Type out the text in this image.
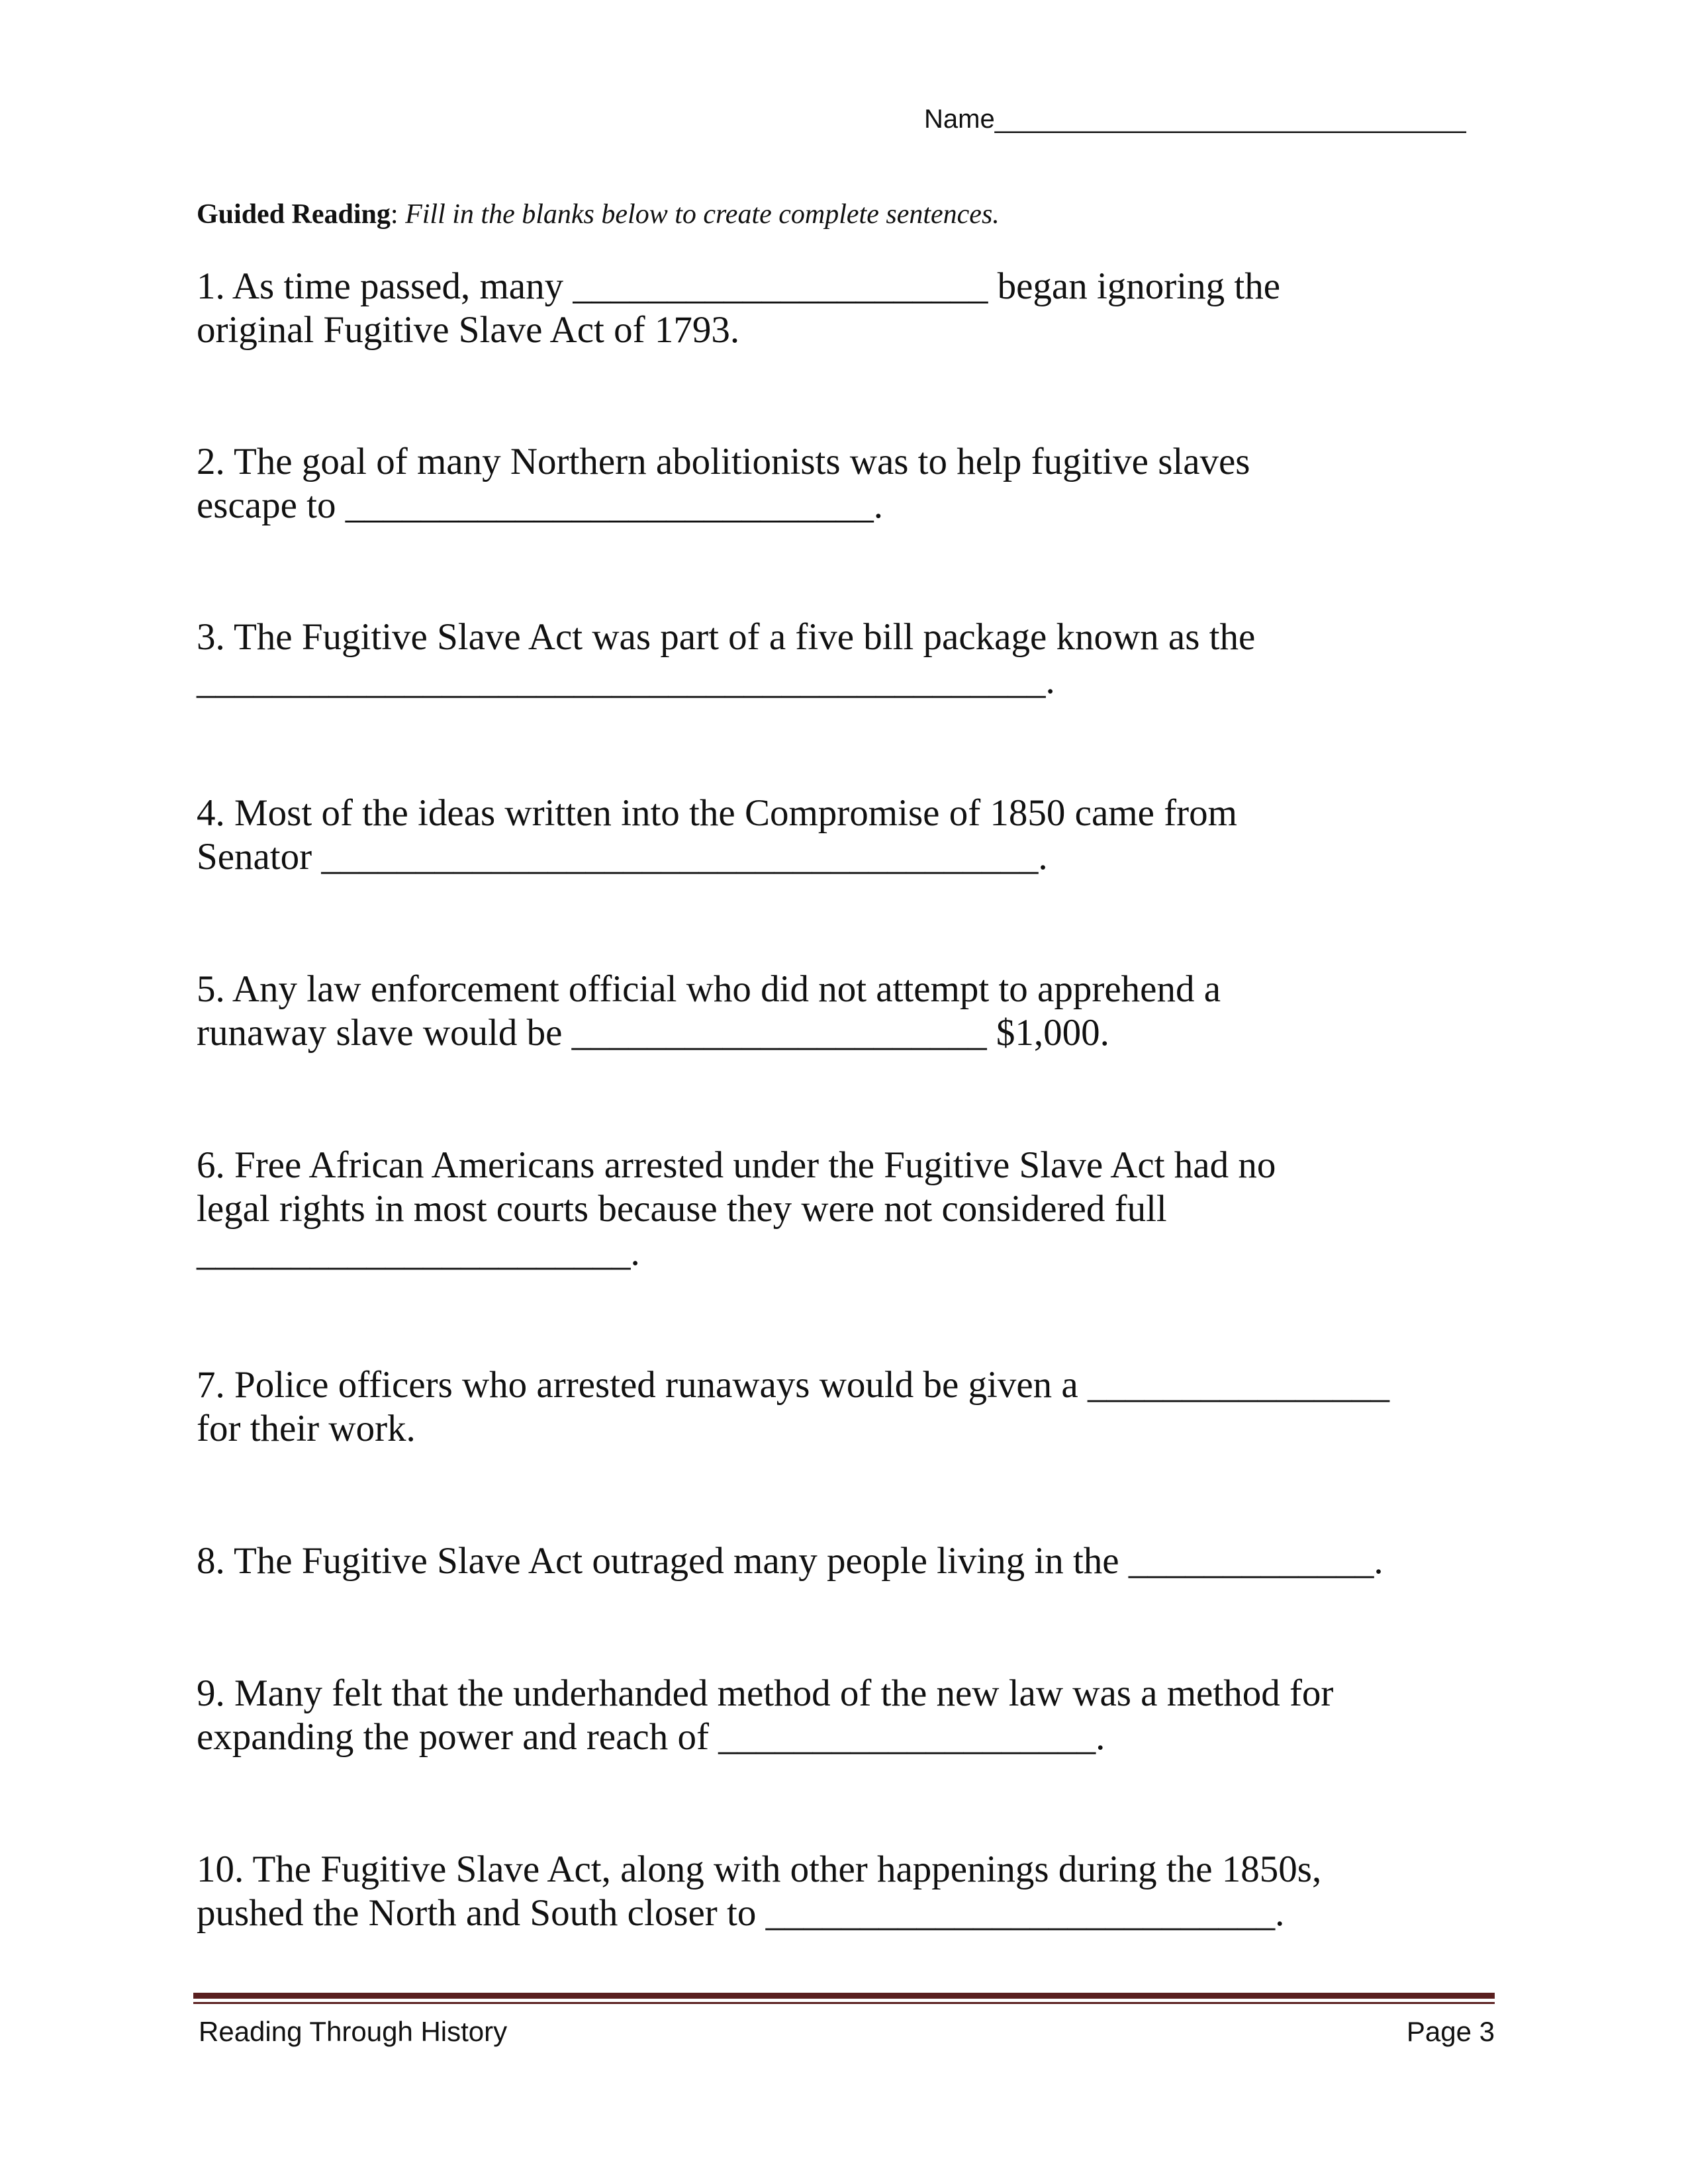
Name________________________________
Guided Reading: Fill in the blanks below to create complete sentences.
1. As time passed, many ______________________ began ignoring the
original Fugitive Slave Act of 1793.
2. The goal of many Northern abolitionists was to help fugitive slaves
escape to ____________________________.
3. The Fugitive Slave Act was part of a five bill package known as the
_____________________________________________.
4. Most of the ideas written into the Compromise of 1850 came from
Senator ______________________________________.
5. Any law enforcement official who did not attempt to apprehend a
runaway slave would be ______________________ $1,000.
6. Free African Americans arrested under the Fugitive Slave Act had no
legal rights in most courts because they were not considered full
_______________________.
7. Police officers who arrested runaways would be given a ________________
for their work.
8. The Fugitive Slave Act outraged many people living in the _____________.
9. Many felt that the underhanded method of the new law was a method for
expanding the power and reach of ____________________.
10. The Fugitive Slave Act, along with other happenings during the 1850s,
pushed the North and South closer to ___________________________.
Reading Through History	Page 3
